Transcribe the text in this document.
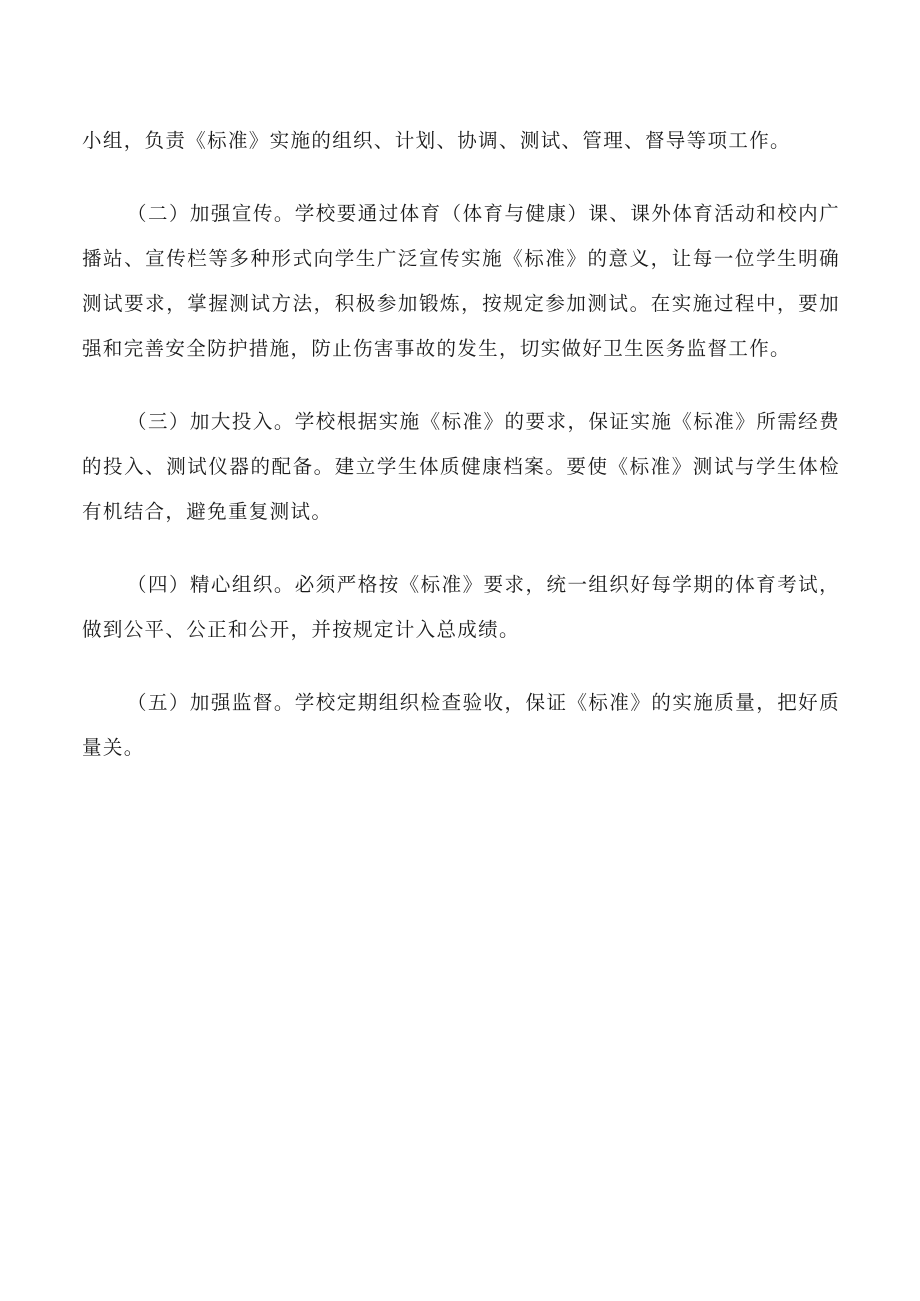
小组，负责《标准》实施的组织、计划、协调、测试、管理、督导等项工作。

（二）加强宣传。学校要通过体育（体育与健康）课、课外体育活动和校内广播站、宣传栏等多种形式向学生广泛宣传实施《标准》的意义，让每一位学生明确测试要求，掌握测试方法，积极参加锻炼，按规定参加测试。在实施过程中，要加强和完善安全防护措施，防止伤害事故的发生，切实做好卫生医务监督工作。

（三）加大投入。学校根据实施《标准》的要求，保证实施《标准》所需经费的投入、测试仪器的配备。建立学生体质健康档案。要使《标准》测试与学生体检有机结合，避免重复测试。

（四）精心组织。必须严格按《标准》要求，统一组织好每学期的体育考试，做到公平、公正和公开，并按规定计入总成绩。

（五）加强监督。学校定期组织检查验收，保证《标准》的实施质量，把好质量关。
